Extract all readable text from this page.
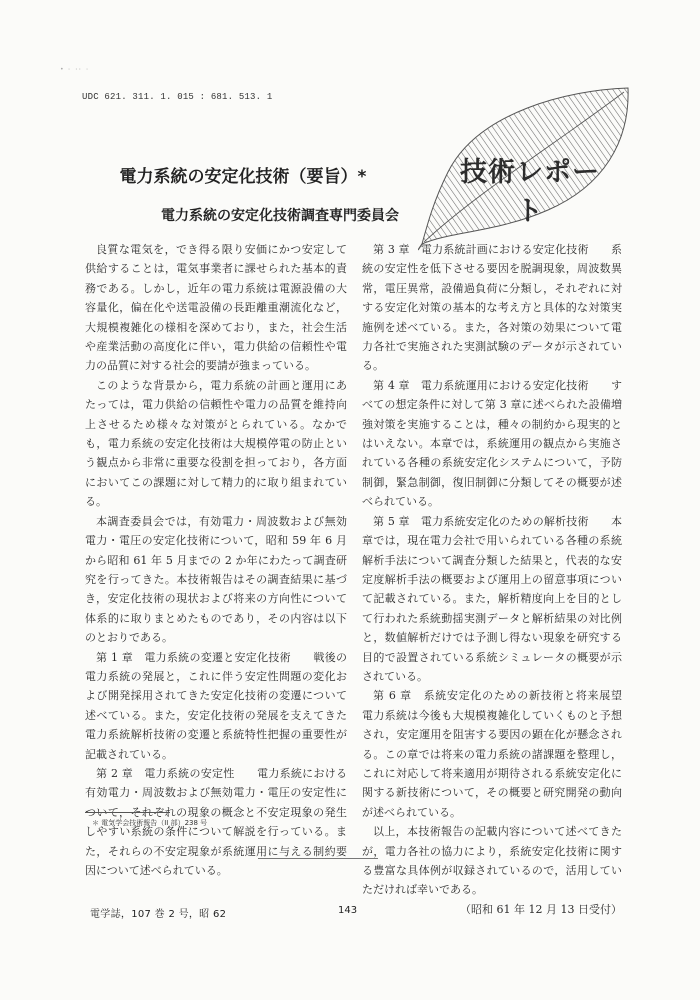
• · ·· ·
UDC 621. 311. 1. 015 : 681. 513. 1
技術レポート
電力系統の安定化技術（要旨）*
電力系統の安定化技術調査専門委員会

良質な電気を，でき得る限り安価にかつ安定して供給することは，電気事業者に課せられた基本的責務である。しかし，近年の電力系統は電源設備の大容量化，偏在化や送電設備の長距離重潮流化など，大規模複雑化の様相を深めており，また，社会生活や産業活動の高度化に伴い，電力供給の信頼性や電力の品質に対する社会的要請が強まっている。

このような背景から，電力系統の計画と運用にあたっては，電力供給の信頼性や電力の品質を維持向上させるため様々な対策がとられている。なかでも，電力系統の安定化技術は大規模停電の防止という観点から非常に重要な役割を担っており，各方面においてこの課題に対して精力的に取り組まれている。

本調査委員会では，有効電力・周波数および無効電力・電圧の安定化技術について，昭和 59 年 6 月から昭和 61 年 5 月までの 2 か年にわたって調査研究を行ってきた。本技術報告はその調査結果に基づき，安定化技術の現状および将来の方向性について体系的に取りまとめたものであり，その内容は以下のとおりである。

第 1 章　電力系統の変遷と安定化技術　　戦後の電力系統の発展と，これに伴う安定性問題の変化および開発採用されてきた安定化技術の変遷について述べている。また，安定化技術の発展を支えてきた電力系統解析技術の変遷と系統特性把握の重要性が記載されている。

第 2 章　電力系統の安定性　　電力系統における有効電力・周波数および無効電力・電圧の安定性について，それぞれの現象の概念と不安定現象の発生しやすい系統の条件について解説を行っている。また，それらの不安定現象が系統運用に与える制約要因について述べられている。

第 3 章　電力系統計画における安定化技術　　系統の安定性を低下させる要因を脱調現象，周波数異常，電圧異常，設備過負荷に分類し，それぞれに対する安定化対策の基本的な考え方と具体的な対策実施例を述べている。また，各対策の効果について電力各社で実施された実測試験のデータが示されている。

第 4 章　電力系統運用における安定化技術　　すべての想定条件に対して第 3 章に述べられた設備増強対策を実施することは，種々の制約から現実的とはいえない。本章では，系統運用の観点から実施されている各種の系統安定化システムについて，予防制御，緊急制御，復旧制御に分類してその概要が述べられている。

第 5 章　電力系統安定化のための解析技術　　本章では，現在電力会社で用いられている各種の系統解析手法について調査分類した結果と，代表的な安定度解析手法の概要および運用上の留意事項について記載されている。また，解析精度向上を目的として行われた系統動揺実測データと解析結果の対比例と，数値解析だけでは予測し得ない現象を研究する目的で設置されている系統シミュレータの概要が示されている。

第 6 章　系統安定化のための新技術と将来展望　　電力系統は今後も大規模複雑化していくものと予想され，安定運用を阻害する要因の顕在化が懸念される。この章では将来の電力系統の諸課題を整理し，これに対応して将来適用が期待される系統安定化に関する新技術について，その概要と研究開発の動向が述べられている。

以上，本技術報告の記載内容について述べてきたが，電力各社の協力により，系統安定化技術に関する豊富な具体例が収録されているので，活用していただければ幸いである。

（昭和 61 年 12 月 13 日受付）
＊ 電気学会技術報告（II 部）238 号
電学誌，107 巻 2 号，昭 62	143
